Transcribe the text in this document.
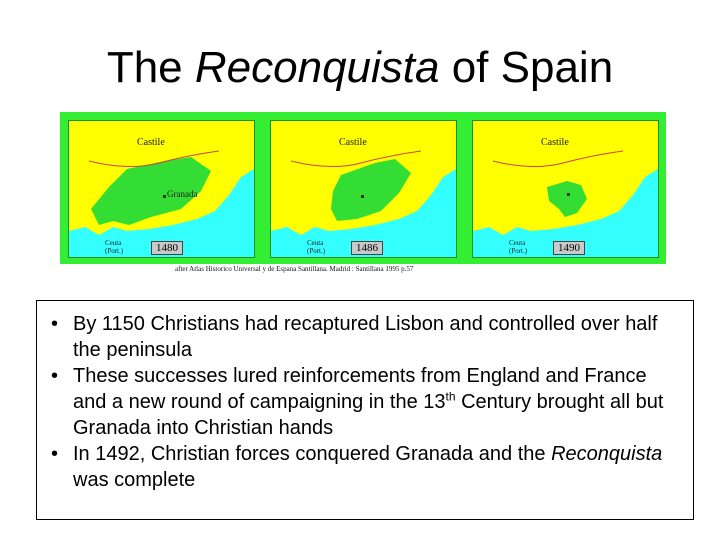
The Reconquista of Spain
Castile
Granada
Ceuta
(Port.)	1480
Castile
Ceuta
(Port.)	1486
Castile
Ceuta
(Port.)	1490
after Atlas Historico Universal y de Espana Santillana. Madrid : Santillana 1995 p.57
• By 1150 Christians had recaptured Lisbon and controlled over half the peninsula
• These successes lured reinforcements from England and France and a new round of campaigning in the 13th Century brought all but Granada into Christian hands
• In 1492, Christian forces conquered Granada and the Reconquista was complete
